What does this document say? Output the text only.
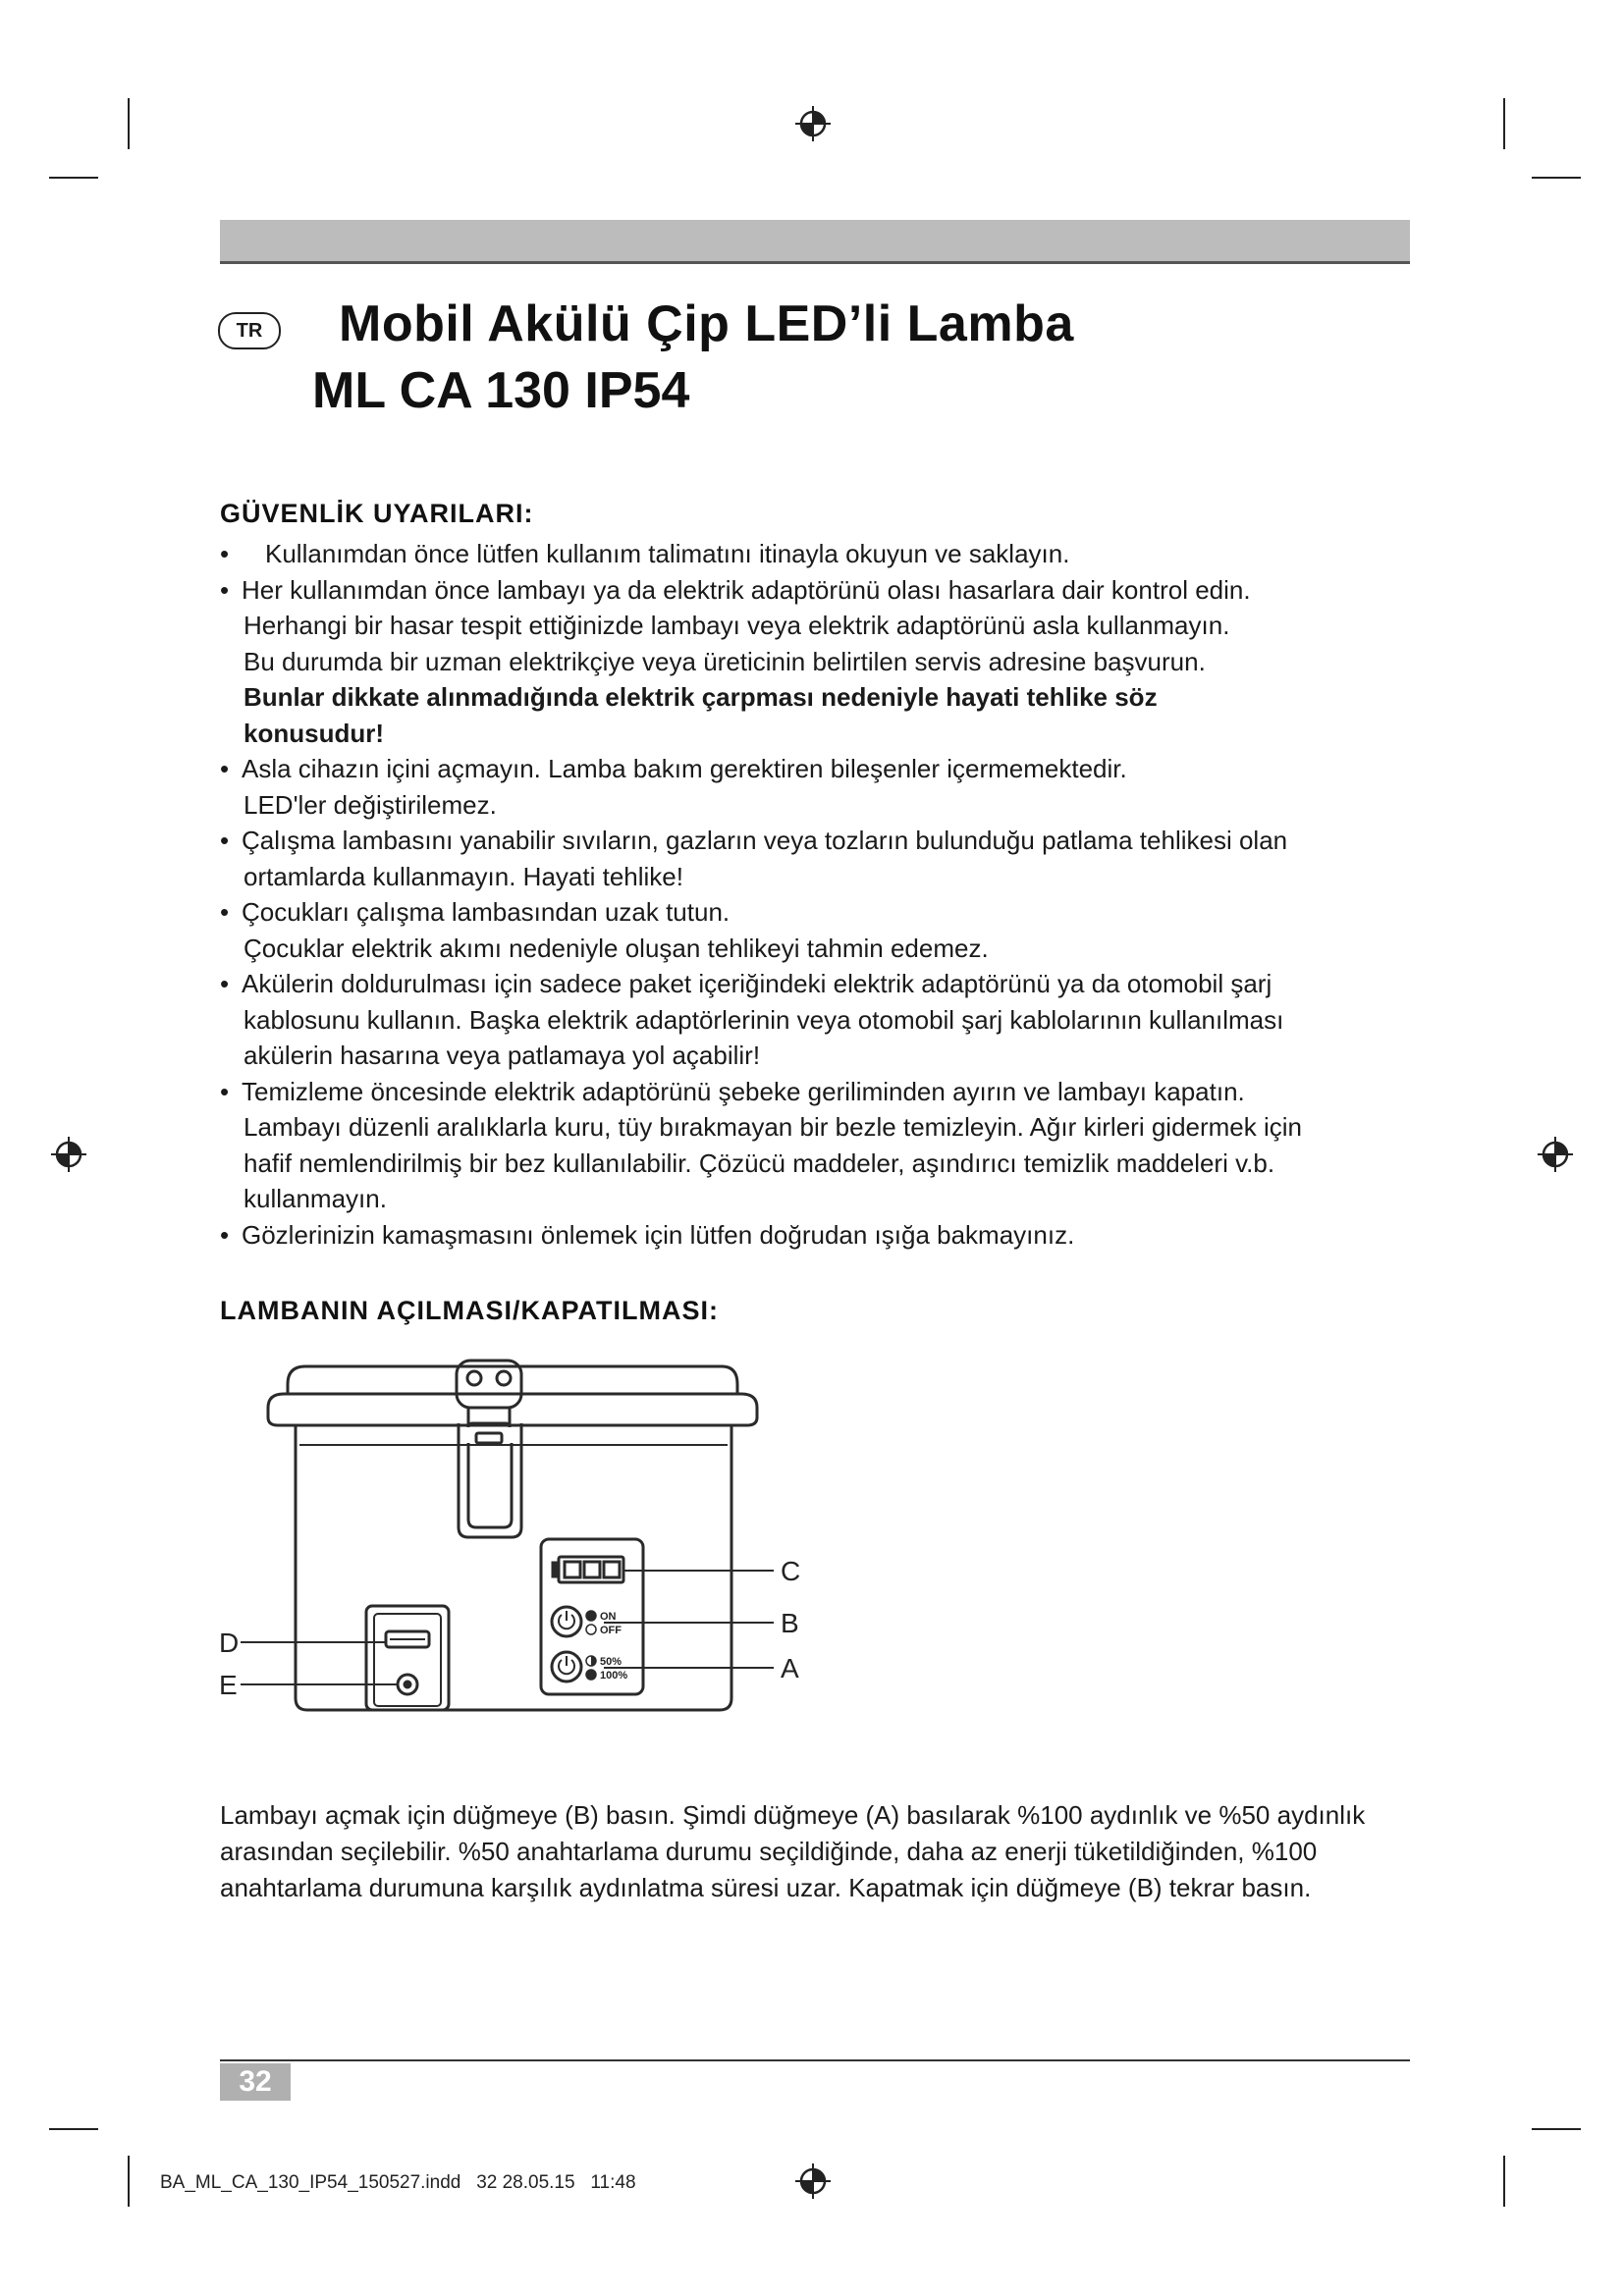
TR	Mobil Akülü Çip LED’li Lamba
ML CA 130 IP54
GÜVENLİK UYARILARI:
•	Kullanımdan önce lütfen kullanım talimatını itinayla okuyun ve saklayın.
• Her kullanımdan önce lambayı ya da elektrik adaptörünü olası hasarlara dair kontrol edin.
Herhangi bir hasar tespit ettiğinizde lambayı veya elektrik adaptörünü asla kullanmayın.
Bu durumda bir uzman elektrikçiye veya üreticinin belirtilen servis adresine başvurun.
Bunlar dikkate alınmadığında elektrik çarpması nedeniyle hayati tehlike söz
konusudur!
• Asla cihazın içini açmayın. Lamba bakım gerektiren bileşenler içermemektedir.
LED'ler değiştirilemez.
• Çalışma lambasını yanabilir sıvıların, gazların veya tozların bulunduğu patlama tehlikesi olan
ortamlarda kullanmayın. Hayati tehlike!
• Çocukları çalışma lambasından uzak tutun.
Çocuklar elektrik akımı nedeniyle oluşan tehlikeyi tahmin edemez.
• Akülerin doldurulması için sadece paket içeriğindeki elektrik adaptörünü ya da otomobil şarj
kablosunu kullanın. Başka elektrik adaptörlerinin veya otomobil şarj kablolarının kullanılması
akülerin hasarına veya patlamaya yol açabilir!
• Temizleme öncesinde elektrik adaptörünü şebeke geriliminden ayırın ve lambayı kapatın.
Lambayı düzenli aralıklarla kuru, tüy bırakmayan bir bezle temizleyin. Ağır kirleri gidermek için
hafif nemlendirilmiş bir bez kullanılabilir. Çözücü maddeler, aşındırıcı temizlik maddeleri v.b.
kullanmayın.
• Gözlerinizin kamaşmasını önlemek için lütfen doğrudan ışığa bakmayınız.
LAMBANIN AÇILMASI/KAPATILMASI:
C
B
A
D
E
ON
OFF
50%
100%
Lambayı açmak için düğmeye (B) basın. Şimdi düğmeye (A) basılarak %100 aydınlık ve %50 aydınlık
arasından seçilebilir. %50 anahtarlama durumu seçildiğinde, daha az enerji tüketildiğinden, %100
anahtarlama durumuna karşılık aydınlatma süresi uzar. Kapatmak için düğmeye (B) tekrar basın.
32
BA_ML_CA_130_IP54_150527.indd   32 28.05.15   11:48
